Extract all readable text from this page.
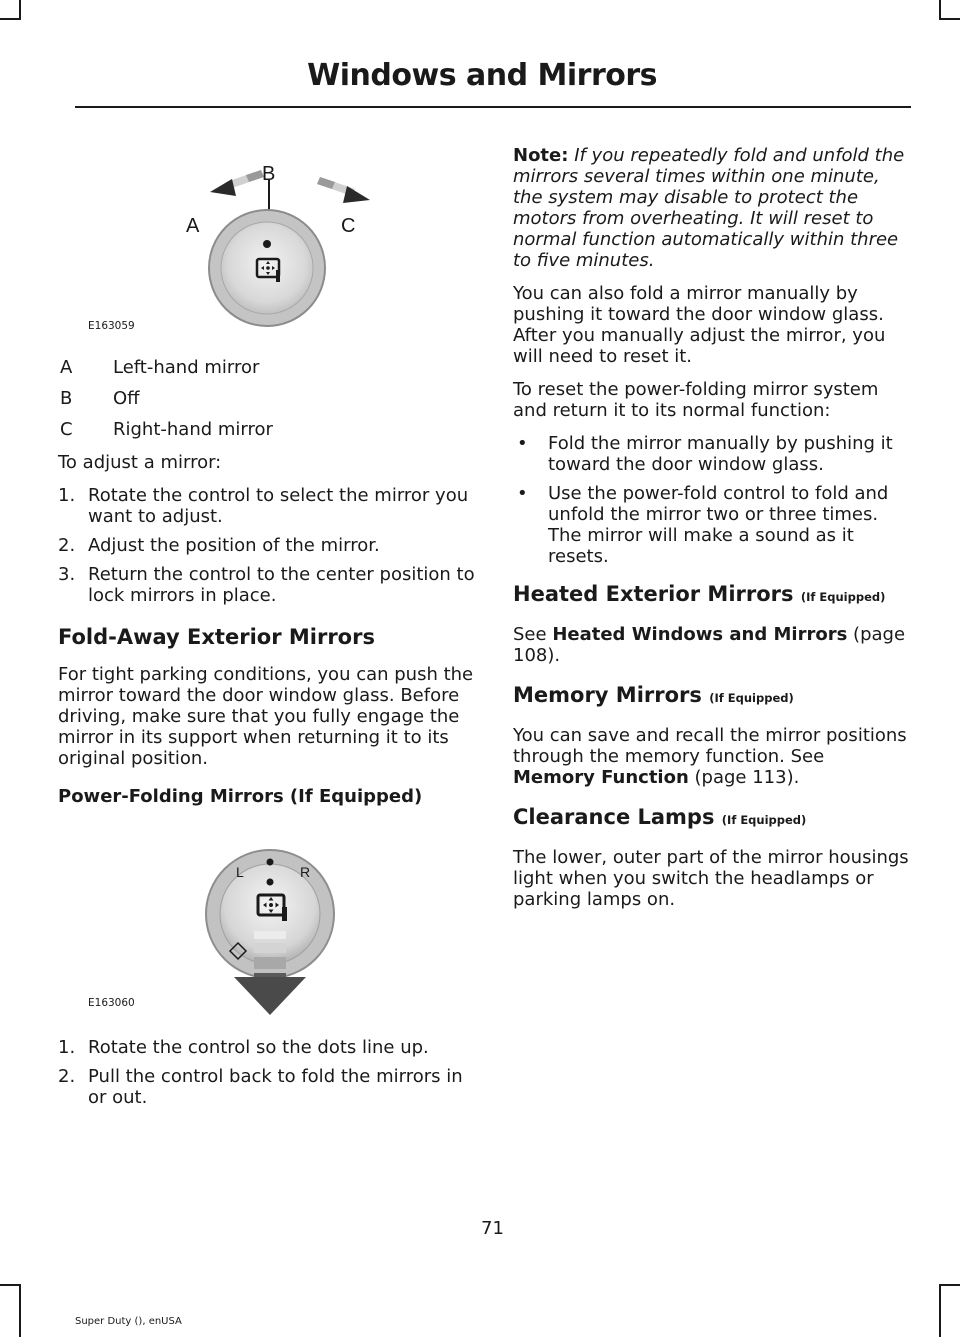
Windows and Mirrors
A
B
C
E163059
A	Left-hand mirror
B	Off
C	Right-hand mirror

To adjust a mirror:

1. Rotate the control to select the mirror you want to adjust.
2. Adjust the position of the mirror.
3. Return the control to the center position to lock mirrors in place.
Fold-Away Exterior Mirrors

For tight parking conditions, you can push the mirror toward the door window glass. Before driving, make sure that you fully engage the mirror in its support when returning it to its original position.

Power-Folding Mirrors (If Equipped)
L	R
E163060
1. Rotate the control so the dots line up.
2. Pull the control back to fold the mirrors in or out.

Note: If you repeatedly fold and unfold the mirrors several times within one minute, the system may disable to protect the motors from overheating. It will reset to normal function automatically within three to five minutes.

You can also fold a mirror manually by pushing it toward the door window glass. After you manually adjust the mirror, you will need to reset it.

To reset the power-folding mirror system and return it to its normal function:

•	Fold the mirror manually by pushing it toward the door window glass.
•	Use the power-fold control to fold and unfold the mirror two or three times. The mirror will make a sound as it resets.
Heated Exterior Mirrors (If Equipped)

See Heated Windows and Mirrors (page 108).

Memory Mirrors (If Equipped)

You can save and recall the mirror positions through the memory function. See Memory Function (page 113).

Clearance Lamps (If Equipped)

The lower, outer part of the mirror housings light when you switch the headlamps or parking lamps on.

71
Super Duty (), enUSA
